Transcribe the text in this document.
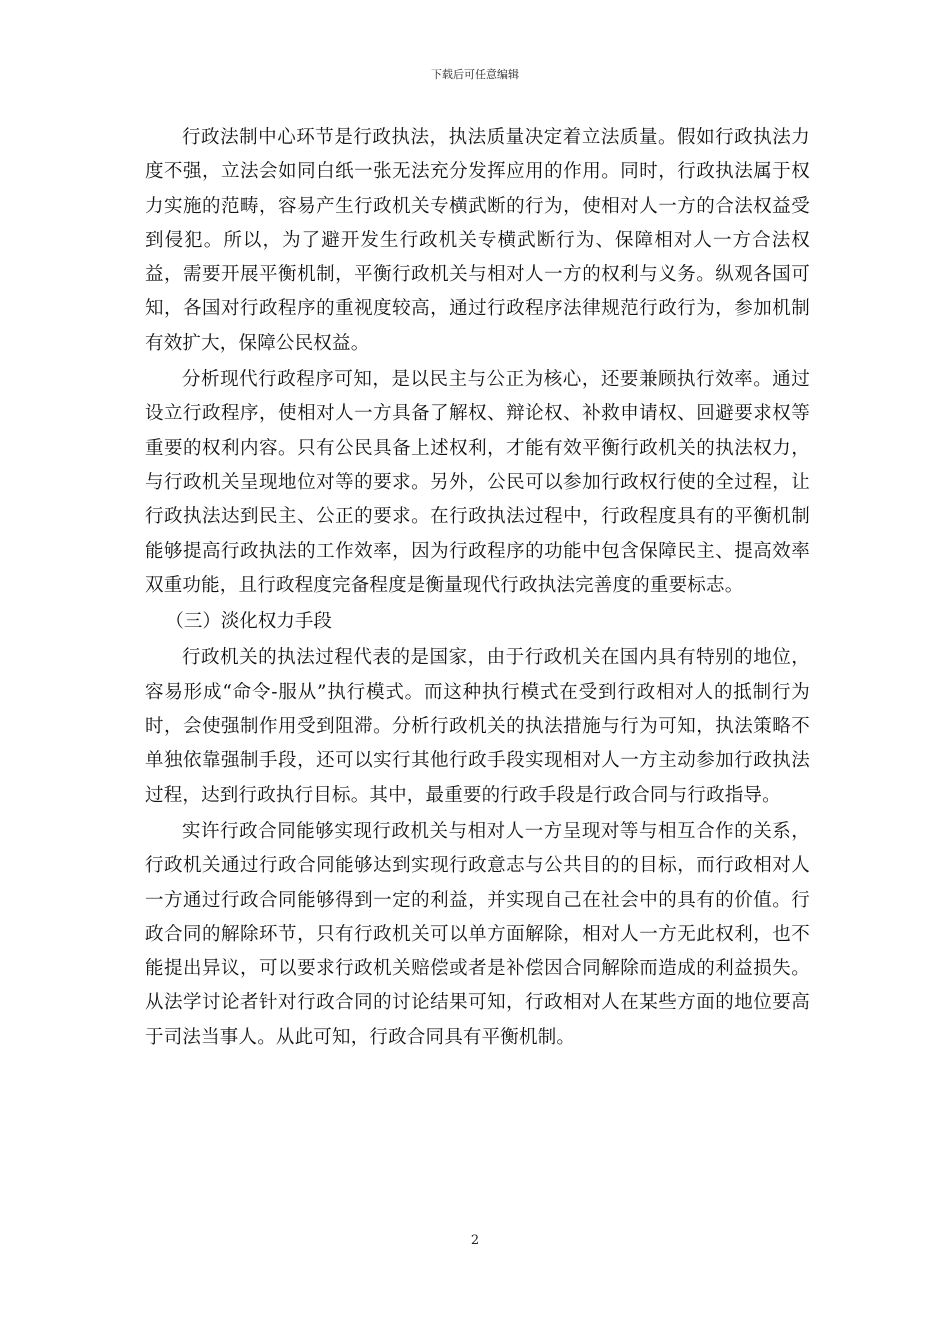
下载后可任意编辑

行政法制中心环节是行政执法，执法质量决定着立法质量。假如行政执法力度不强，立法会如同白纸一张无法充分发挥应用的作用。同时，行政执法属于权力实施的范畴，容易产生行政机关专横武断的行为，使相对人一方的合法权益受到侵犯。所以，为了避开发生行政机关专横武断行为、保障相对人一方合法权益，需要开展平衡机制，平衡行政机关与相对人一方的权利与义务。纵观各国可知，各国对行政程序的重视度较高，通过行政程序法律规范行政行为，参加机制有效扩大，保障公民权益。

分析现代行政程序可知，是以民主与公正为核心，还要兼顾执行效率。通过设立行政程序，使相对人一方具备了解权、辩论权、补救申请权、回避要求权等重要的权利内容。只有公民具备上述权利，才能有效平衡行政机关的执法权力，与行政机关呈现地位对等的要求。另外，公民可以参加行政权行使的全过程，让行政执法达到民主、公正的要求。在行政执法过程中，行政程度具有的平衡机制能够提高行政执法的工作效率，因为行政程序的功能中包含保障民主、提高效率双重功能，且行政程度完备程度是衡量现代行政执法完善度的重要标志。

（三）淡化权力手段

行政机关的执法过程代表的是国家，由于行政机关在国内具有特别的地位，容易形成“命令-服从”执行模式。而这种执行模式在受到行政相对人的抵制行为时，会使强制作用受到阻滞。分析行政机关的执法措施与行为可知，执法策略不单独依靠强制手段，还可以实行其他行政手段实现相对人一方主动参加行政执法过程，达到行政执行目标。其中，最重要的行政手段是行政合同与行政指导。

实许行政合同能够实现行政机关与相对人一方呈现对等与相互合作的关系，行政机关通过行政合同能够达到实现行政意志与公共目的的目标，而行政相对人一方通过行政合同能够得到一定的利益，并实现自己在社会中的具有的价值。行政合同的解除环节，只有行政机关可以单方面解除，相对人一方无此权利，也不能提出异议，可以要求行政机关赔偿或者是补偿因合同解除而造成的利益损失。从法学讨论者针对行政合同的讨论结果可知，行政相对人在某些方面的地位要高于司法当事人。从此可知，行政合同具有平衡机制。

2
